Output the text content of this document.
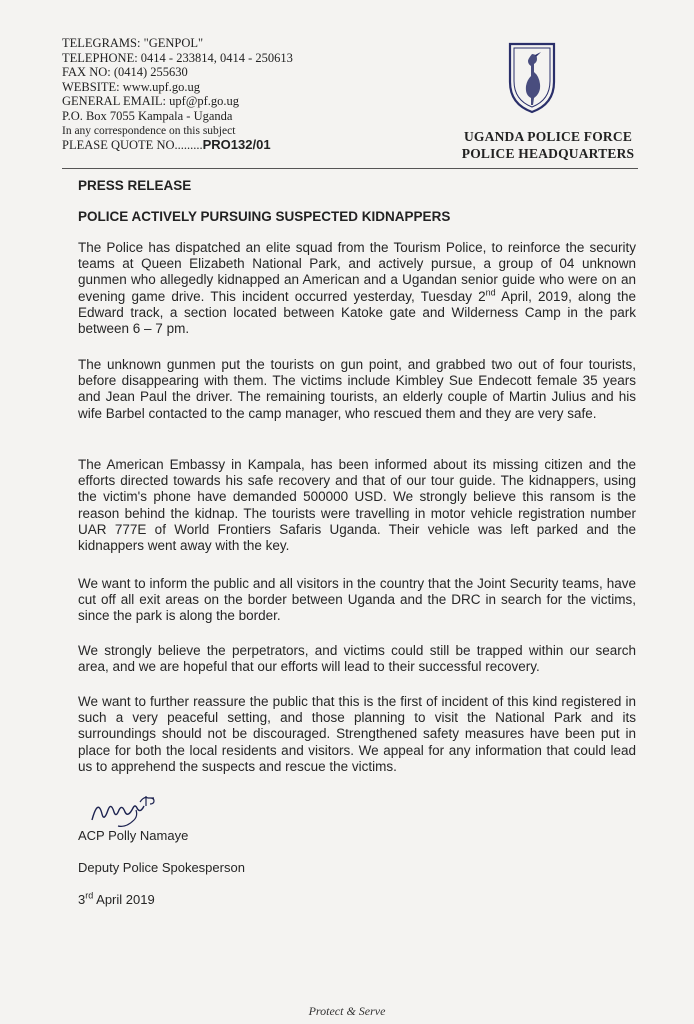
TELEGRAMS: "GENPOL"
TELEPHONE: 0414 - 233814, 0414 - 250613
FAX NO: (0414) 255630
WEBSITE: www.upf.go.ug
GENERAL EMAIL: upf@pf.go.ug
P.O. Box 7055 Kampala - Uganda
In any correspondence on this subject
PLEASE QUOTE NO.........PRO132/01
UGANDA POLICE FORCE
POLICE HEADQUARTERS
PRESS RELEASE
POLICE ACTIVELY PURSUING SUSPECTED KIDNAPPERS
The Police has dispatched an elite squad from the Tourism Police, to reinforce the security teams at Queen Elizabeth National Park, and actively pursue, a group of 04 unknown gunmen who allegedly kidnapped an American and a Ugandan senior guide who were on an evening game drive. This incident occurred yesterday, Tuesday 2nd April, 2019, along the Edward track, a section located between Katoke gate and Wilderness Camp in the park between 6 – 7 pm.
The unknown gunmen put the tourists on gun point, and grabbed two out of four tourists, before disappearing with them. The victims include Kimbley Sue Endecott female 35 years and Jean Paul the driver. The remaining tourists, an elderly couple of Martin Julius and his wife Barbel contacted to the camp manager, who rescued them and they are very safe.
The American Embassy in Kampala, has been informed about its missing citizen and the efforts directed towards his safe recovery and that of our tour guide. The kidnappers, using the victim's phone have demanded 500000 USD. We strongly believe this ransom is the reason behind the kidnap. The tourists were travelling in motor vehicle registration number UAR 777E of World Frontiers Safaris Uganda. Their vehicle was left parked and the kidnappers went away with the key.
We want to inform the public and all visitors in the country that the Joint Security teams, have cut off all exit areas on the border between Uganda and the DRC in search for the victims, since the park is along the border.
We strongly believe the perpetrators, and victims could still be trapped within our search area, and we are hopeful that our efforts will lead to their successful recovery.
We want to further reassure the public that this is the first of incident of this kind registered in such a very peaceful setting, and those planning to visit the National Park and its surroundings should not be discouraged. Strengthened safety measures have been put in place for both the local residents and visitors. We appeal for any information that could lead us to apprehend the suspects and rescue the victims.
ACP Polly Namaye
Deputy Police Spokesperson
3rd April 2019
Protect & Serve
